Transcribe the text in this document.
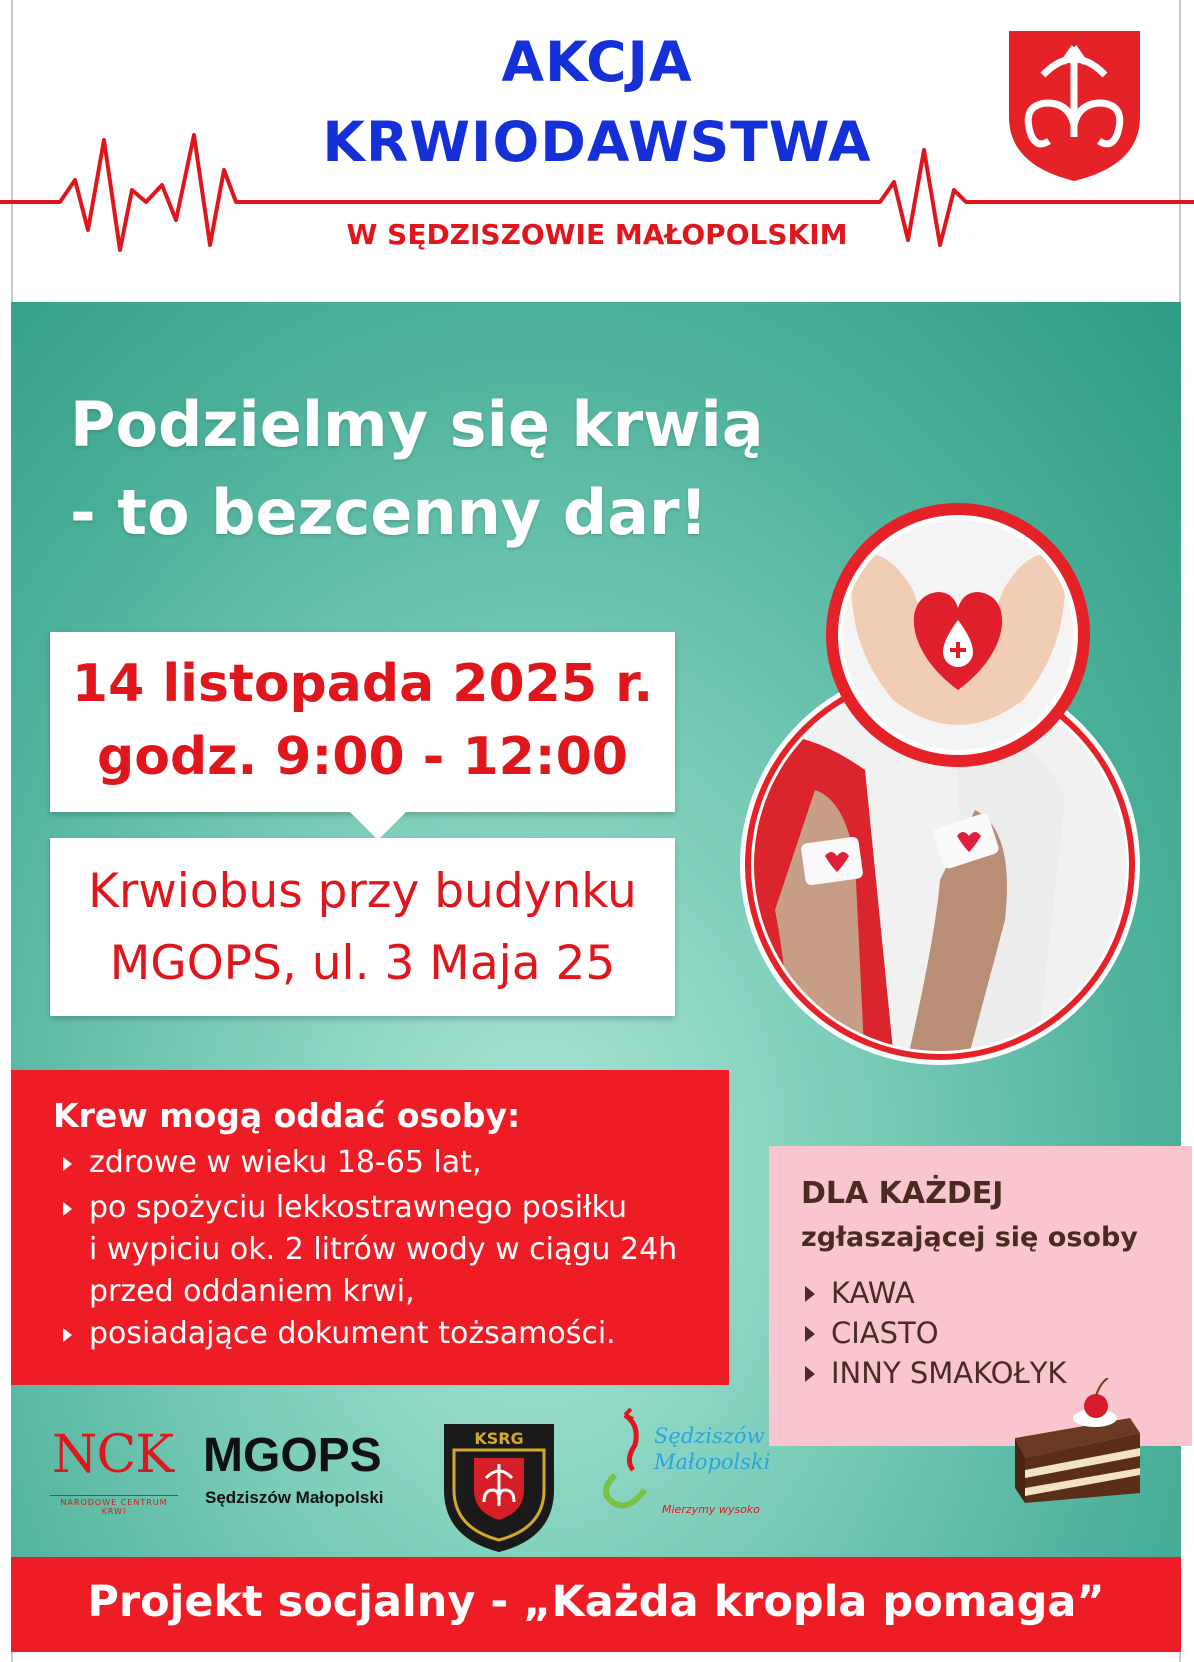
AKCJA
KRWIODAWSTWA
W SĘDZISZOWIE MAŁOPOLSKIM
Podzielmy się krwią
- to bezcenny dar!
14 listopada 2025 r.
godz. 9:00 - 12:00
Krwiobus przy budynku
MGOPS, ul. 3 Maja 25
Krew mogą oddać osoby:
zdrowe w wieku 18-65 lat,
po spożyciu lekkostrawnego posiłku
i wypiciu ok. 2 litrów wody w ciągu 24h
przed oddaniem krwi,
posiadające dokument tożsamości.
DLA KAŻDEJ
zgłaszającej się osoby
KAWA
CIASTO
INNY SMAKOŁYK
NCK
NARODOWE CENTRUM KRWI
MGOPS
Sędziszów Małopolski
KSRG	Sędziszów
Małopolski
Mierzymy wysoko
Projekt socjalny - „Każda kropla pomaga”
